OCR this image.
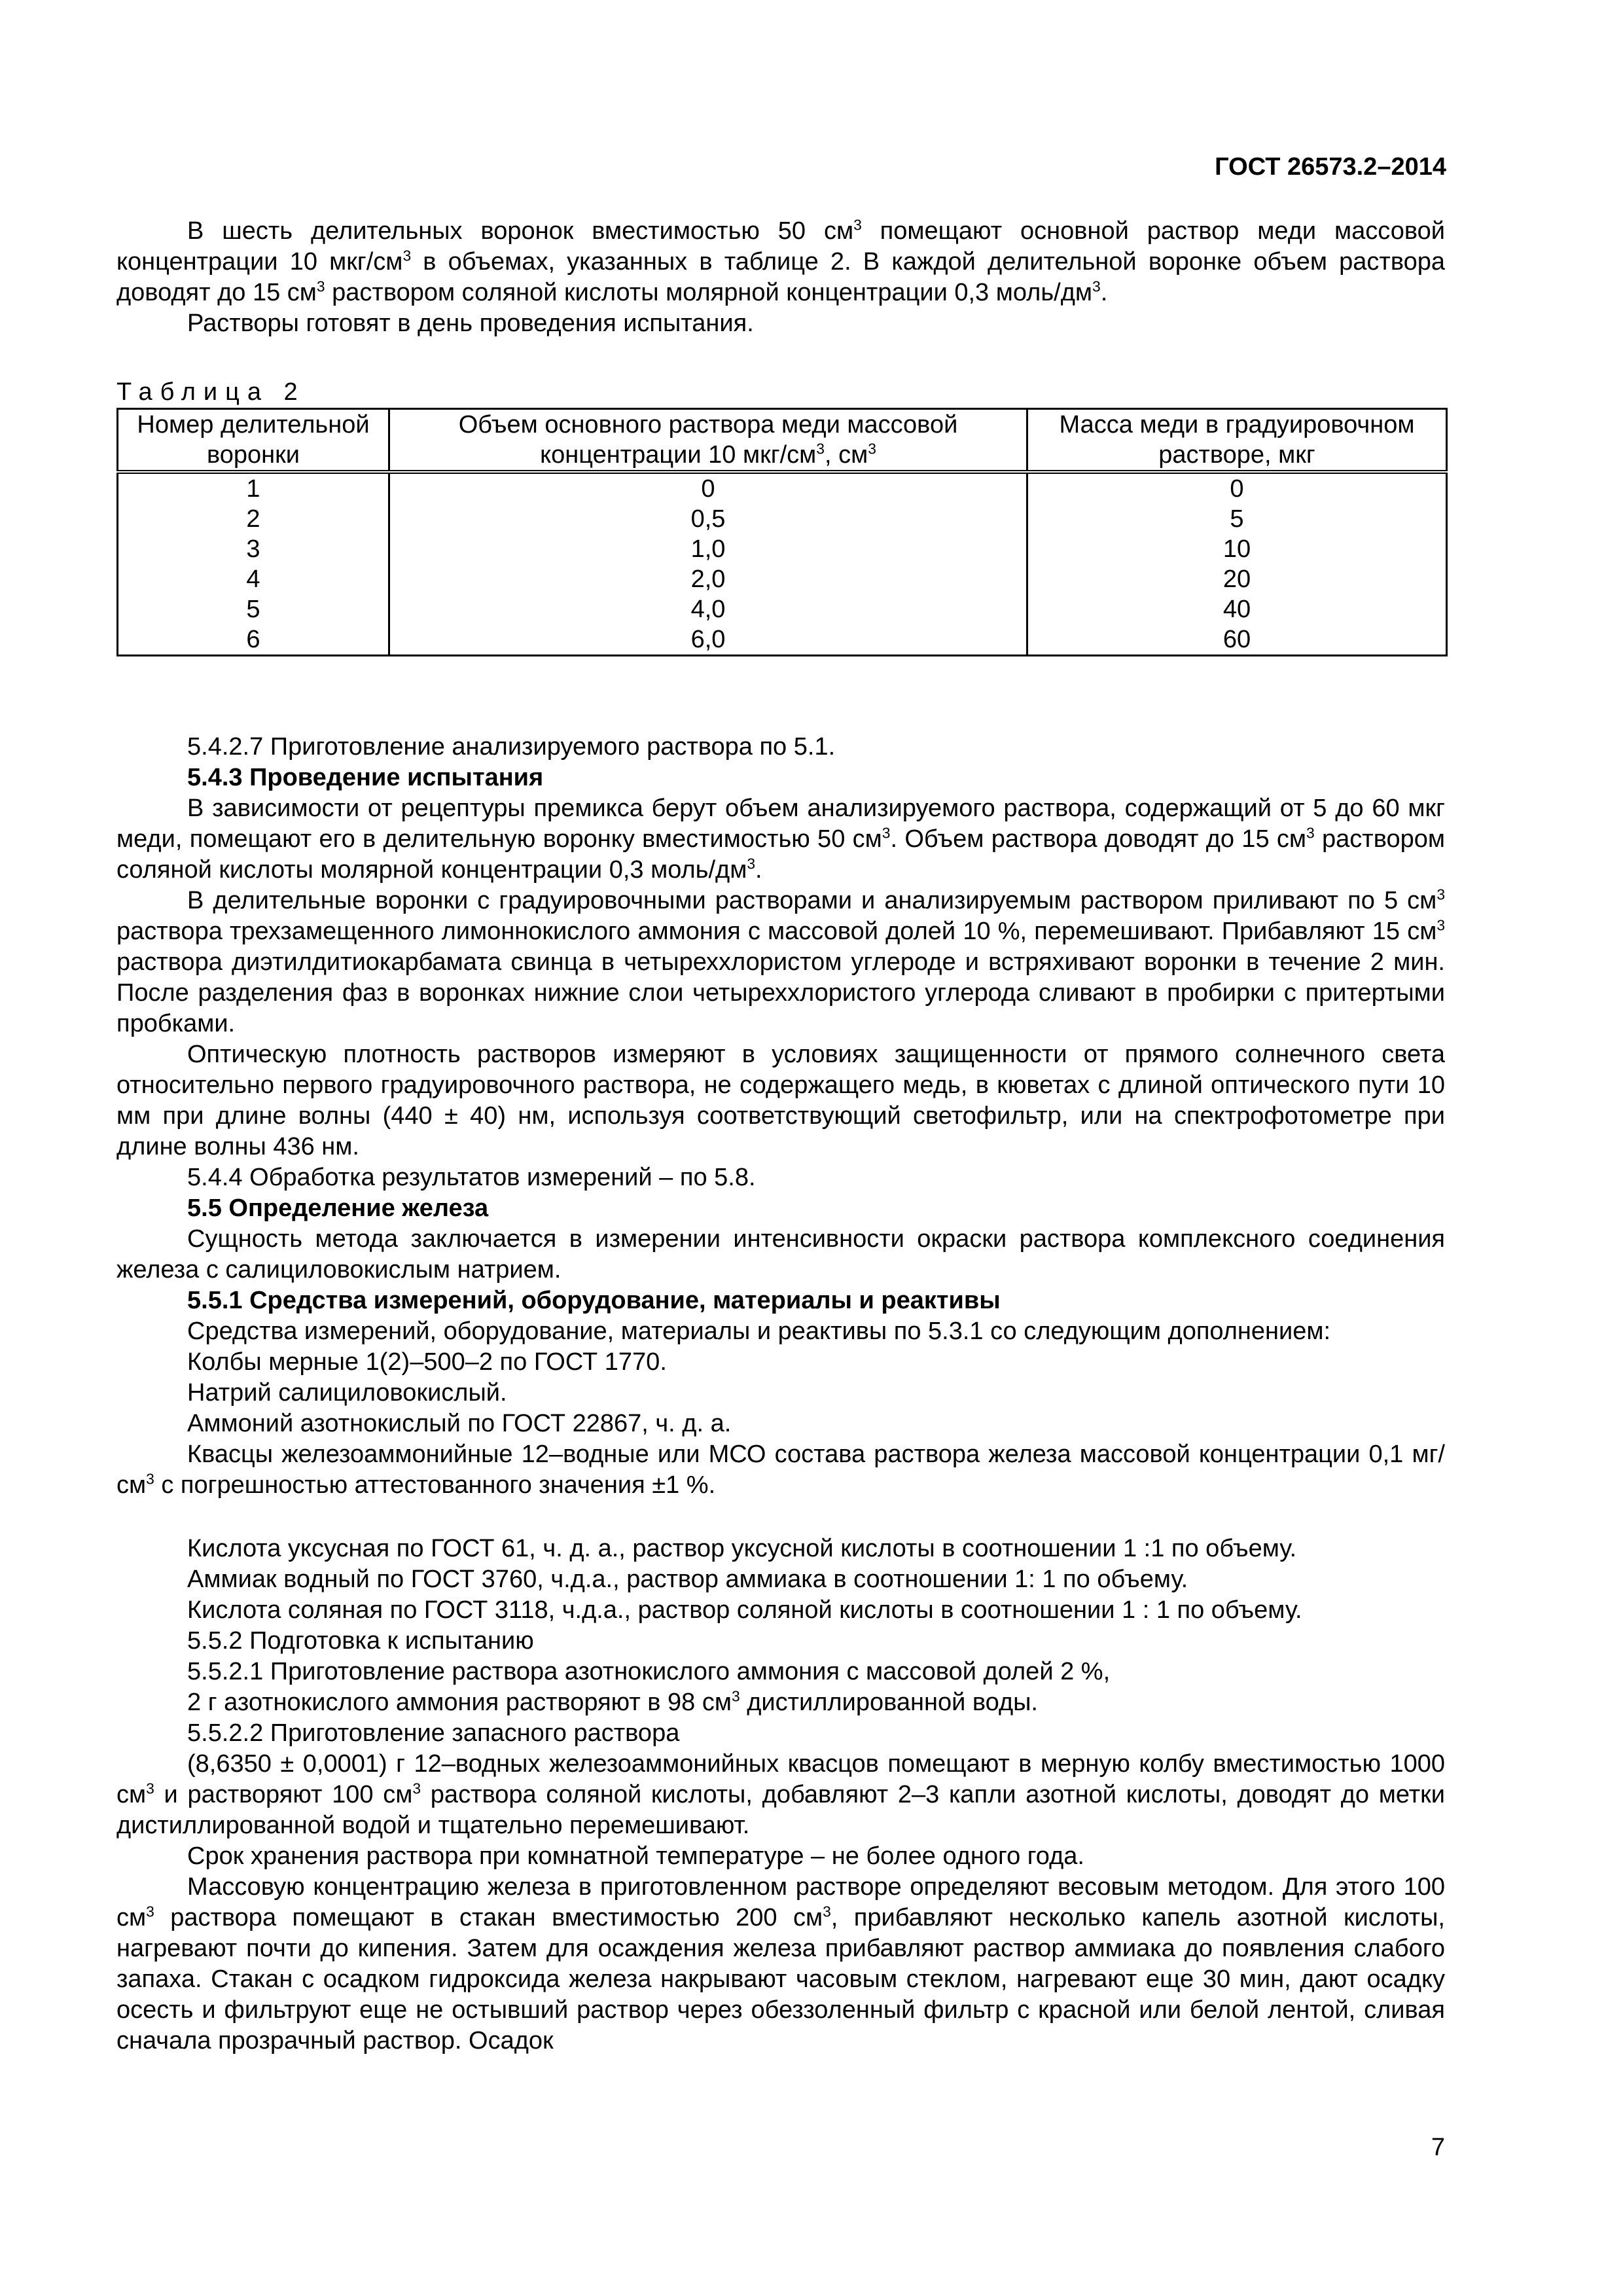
ГОСТ 26573.2–2014

В шесть делительных воронок вместимостью 50 $см^3$ помещают основной раствор меди массовой концентрации 10 мкг/$см^3$ в объемах, указанных в таблице 2. В каждой делительной воронке объем раствора доводят до 15 $см^3$ раствором соляной кислоты молярной концентрации 0,3 моль/$дм^3$.

Растворы готовят в день проведения испытания.

Таблица 2

Номер делительной воронки	Объем основного раствора меди массовой концентрации 10 мкг/$см^3$, $см^3$	Масса меди в градуировочном растворе, мкг
1	0	0
2	0,5	5
3	1,0	10
4	2,0	20
5	4,0	40
6	6,0	60

5.4.2.7 Приготовление анализируемого раствора по 5.1.

5.4.3 Проведение испытания

В зависимости от рецептуры премикса берут объем анализируемого раствора, содержащий от 5 до 60 мкг меди, помещают его в делительную воронку вместимостью 50 $см^3$. Объем раствора доводят до 15 $см^3$ раствором соляной кислоты молярной концентрации 0,3 моль/$дм^3$.

В делительные воронки с градуировочными растворами и анализируемым раствором приливают по 5 $см^3$ раствора трехзамещенного лимоннокислого аммония с массовой долей 10 %, перемешивают. Прибавляют 15 $см^3$ раствора диэтилдитиокарбамата свинца в четыреххлористом углероде и встряхивают воронки в течение 2 мин. После разделения фаз в воронках нижние слои четыреххлористого углерода сливают в пробирки с притертыми пробками.

Оптическую плотность растворов измеряют в условиях защищенности от прямого солнечного света относительно первого градуировочного раствора, не содержащего медь, в кюветах с длиной оптического пути 10 мм при длине волны (440 ± 40) нм, используя соответствующий светофильтр, или на спектрофотометре при длине волны 436 нм.

5.4.4 Обработка результатов измерений – по 5.8.

5.5 Определение железа

Сущность метода заключается в измерении интенсивности окраски раствора комплексного соединения железа с салициловокислым натрием.

5.5.1 Средства измерений, оборудование, материалы и реактивы

Средства измерений, оборудование, материалы и реактивы по 5.3.1 со следующим дополнением:

Колбы мерные 1(2)–500–2 по ГОСТ 1770.

Натрий салициловокислый.

Аммоний азотнокислый по ГОСТ 22867, ч. д. а.

Квасцы железоаммонийные 12–водные или МСО состава раствора железа массовой концентрации 0,1 $мг/см^3$ с погрешностью аттестованного значения ±1 %.

Кислота уксусная по ГОСТ 61, ч. д. а., раствор уксусной кислоты в соотношении 1 :1 по объему.

Аммиак водный по ГОСТ 3760, ч.д.а., раствор аммиака в соотношении 1: 1 по объему.

Кислота соляная по ГОСТ 3118, ч.д.а., раствор соляной кислоты в соотношении 1 : 1 по объему.

5.5.2 Подготовка к испытанию

5.5.2.1 Приготовление раствора азотнокислого аммония с массовой долей 2 %,

2 г азотнокислого аммония растворяют в 98 $см^3$ дистиллированной воды.

5.5.2.2 Приготовление запасного раствора

(8,6350 ± 0,0001) г 12–водных железоаммонийных квасцов помещают в мерную колбу вместимостью 1000 $см^3$ и растворяют 100 $см^3$ раствора соляной кислоты, добавляют 2–3 капли азотной кислоты, доводят до метки дистиллированной водой и тщательно перемешивают.

Срок хранения раствора при комнатной температуре – не более одного года.

Массовую концентрацию железа в приготовленном растворе определяют весовым методом. Для этого 100 $см^3$ раствора помещают в стакан вместимостью 200 $см^3$, прибавляют несколько капель азотной кислоты, нагревают почти до кипения. Затем для осаждения железа прибавляют раствор аммиака до появления слабого запаха. Стакан с осадком гидроксида железа накрывают часовым стеклом, нагревают еще 30 мин, дают осадку осесть и фильтруют еще не остывший раствор через обеззоленный фильтр с красной или белой лентой, сливая сначала прозрачный раствор. Осадок

7
